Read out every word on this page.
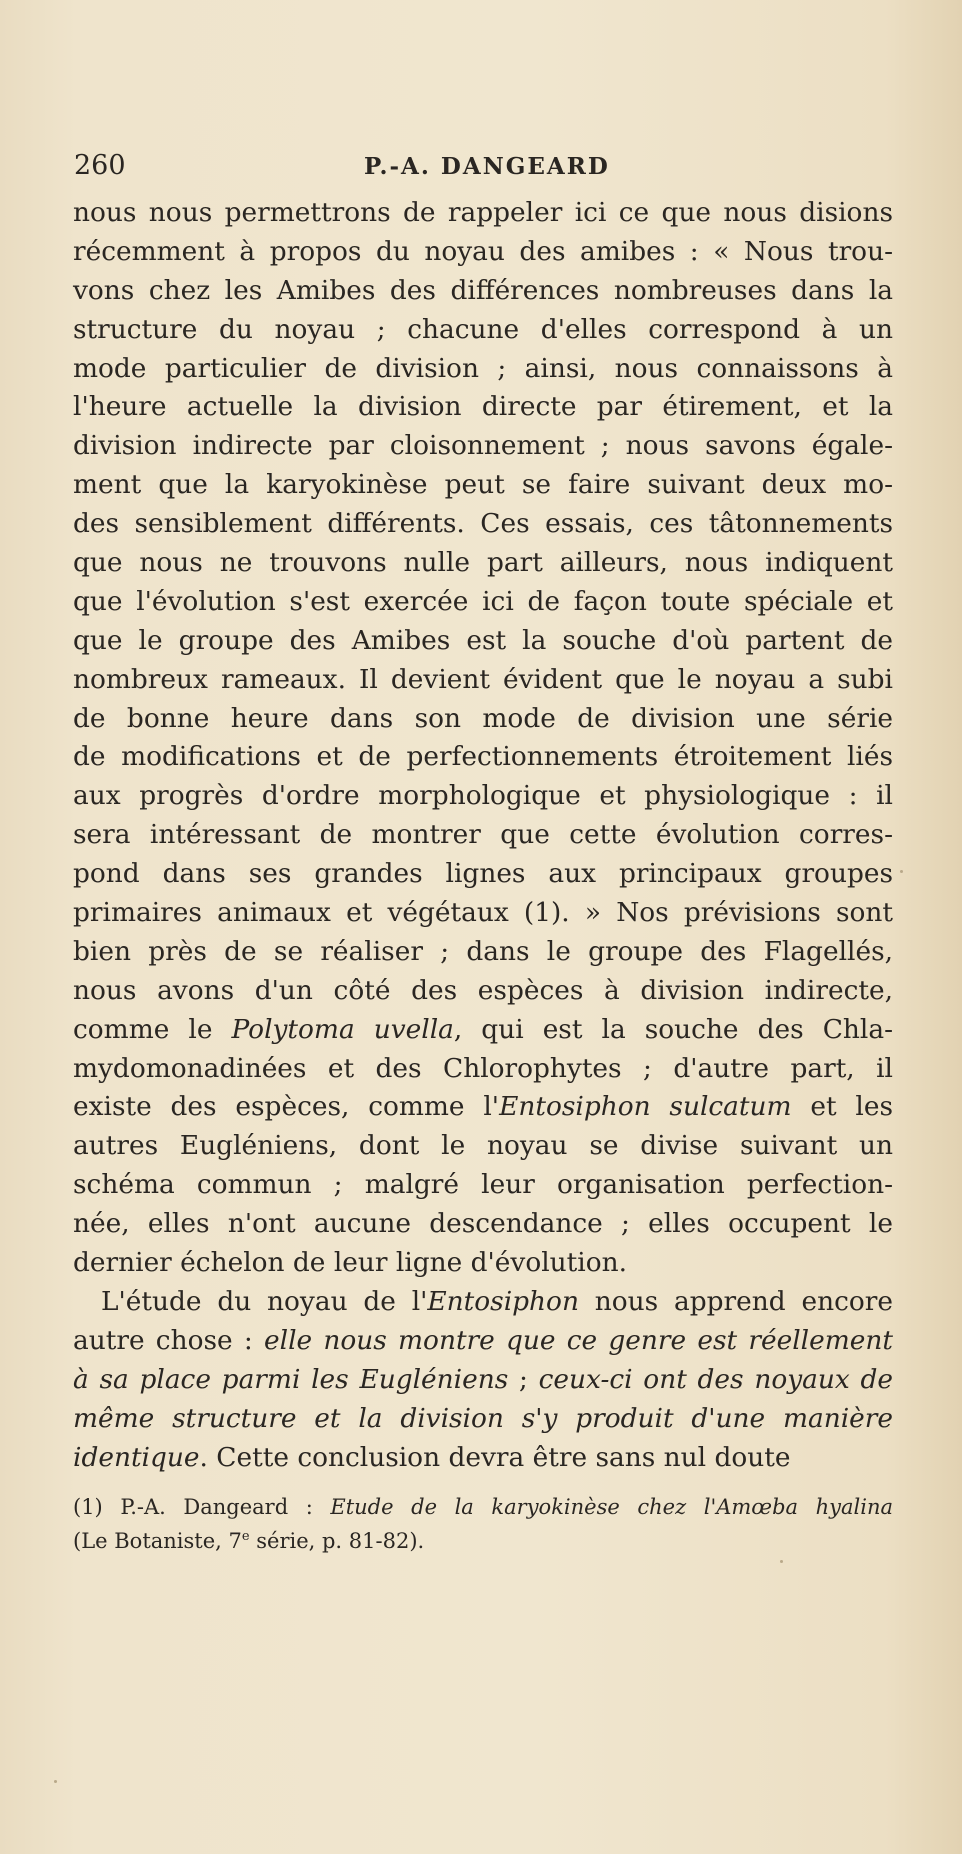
260	P.-A. DANGEARD
nous nous permettrons de rappeler ici ce que nous disions
récemment à propos du noyau des amibes : « Nous trou-
vons chez les Amibes des différences nombreuses dans la
structure du noyau ; chacune d'elles correspond à un
mode particulier de division ; ainsi, nous connaissons à
l'heure actuelle la division directe par étirement, et la
division indirecte par cloisonnement ; nous savons égale-
ment que la karyokinèse peut se faire suivant deux mo-
des sensiblement différents. Ces essais, ces tâtonnements
que nous ne trouvons nulle part ailleurs, nous indiquent
que l'évolution s'est exercée ici de façon toute spéciale et
que le groupe des Amibes est la souche d'où partent de
nombreux rameaux. Il devient évident que le noyau a subi
de bonne heure dans son mode de division une série
de modifications et de perfectionnements étroitement liés
aux progrès d'ordre morphologique et physiologique : il
sera intéressant de montrer que cette évolution corres-
pond dans ses grandes lignes aux principaux groupes
primaires animaux et végétaux (1). » Nos prévisions sont
bien près de se réaliser ; dans le groupe des Flagellés,
nous avons d'un côté des espèces à division indirecte,
comme le Polytoma uvella, qui est la souche des Chla-
mydomonadinées et des Chlorophytes ; d'autre part, il
existe des espèces, comme l'Entosiphon sulcatum et les
autres Eugléniens, dont le noyau se divise suivant un
schéma commun ; malgré leur organisation perfection-
née, elles n'ont aucune descendance ; elles occupent le
dernier échelon de leur ligne d'évolution.
L'étude du noyau de l'Entosiphon nous apprend encore
autre chose : elle nous montre que ce genre est réellement
à sa place parmi les Eugléniens ; ceux-ci ont des noyaux de
même structure et la division s'y produit d'une manière
identique. Cette conclusion devra être sans nul doute
(1) P.-A. Dangeard : Etude de la karyokinèse chez l'Amœba hyalina
(Le Botaniste, 7e série, p. 81-82).
